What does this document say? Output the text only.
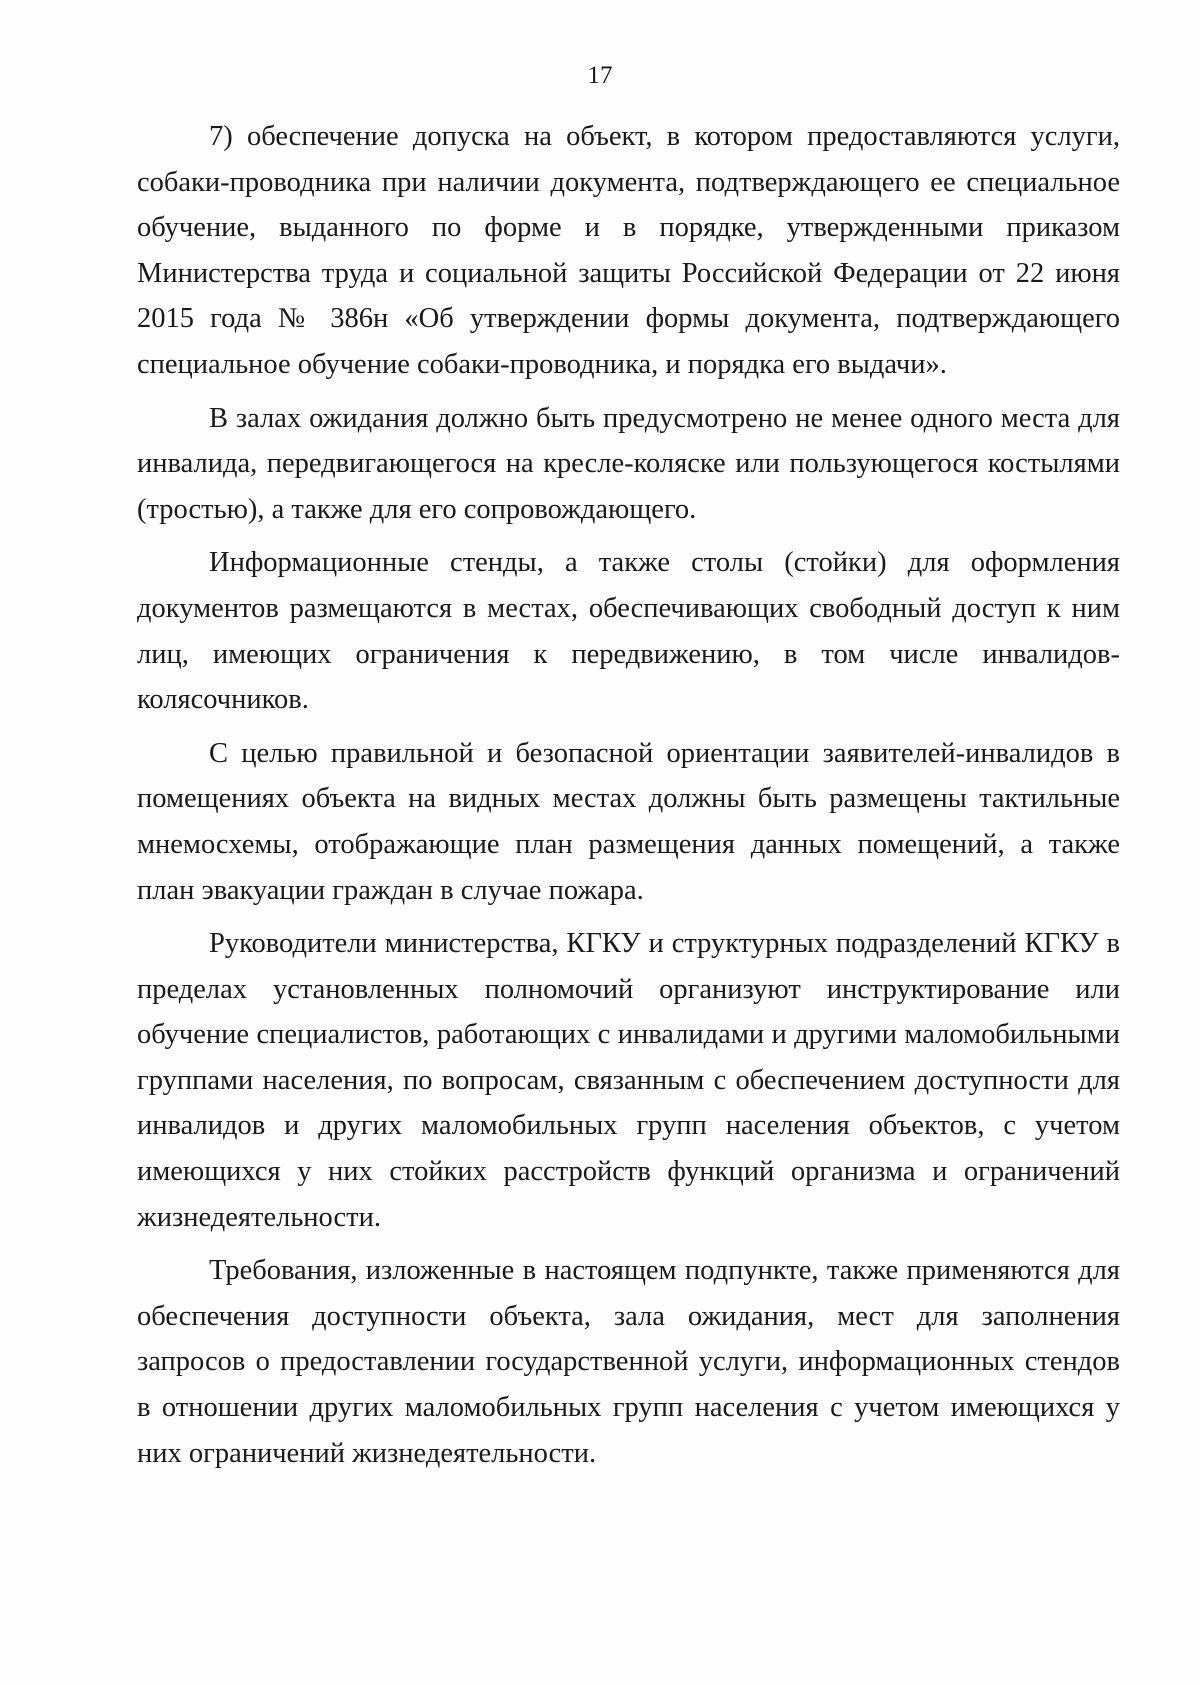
17

7) обеспечение допуска на объект, в котором предоставляются услуги, собаки-проводника при наличии документа, подтверждающего ее специальное обучение, выданного по форме и в порядке, утвержденными приказом Министерства труда и социальной защиты Российской Федерации от 22 июня 2015 года № 386н «Об утверждении формы документа, подтверждающего специальное обучение собаки-проводника, и порядка его выдачи».

В залах ожидания должно быть предусмотрено не менее одного места для инвалида, передвигающегося на кресле-коляске или пользующегося костылями (тростью), а также для его сопровождающего.

Информационные стенды, а также столы (стойки) для оформления документов размещаются в местах, обеспечивающих свободный доступ к ним лиц, имеющих ограничения к передвижению, в том числе инвалидов-колясочников.

С целью правильной и безопасной ориентации заявителей-инвалидов в помещениях объекта на видных местах должны быть размещены тактильные мнемосхемы, отображающие план размещения данных помещений, а также план эвакуации граждан в случае пожара.

Руководители министерства, КГКУ и структурных подразделений КГКУ в пределах установленных полномочий организуют инструктирование или обучение специалистов, работающих с инвалидами и другими маломобильными группами населения, по вопросам, связанным с обеспечением доступности для инвалидов и других маломобильных групп населения объектов, с учетом имеющихся у них стойких расстройств функций организма и ограничений жизнедеятельности.

Требования, изложенные в настоящем подпункте, также применяются для обеспечения доступности объекта, зала ожидания, мест для заполнения запросов о предоставлении государственной услуги, информационных стендов в отношении других маломобильных групп населения с учетом имеющихся у них ограничений жизнедеятельности.
